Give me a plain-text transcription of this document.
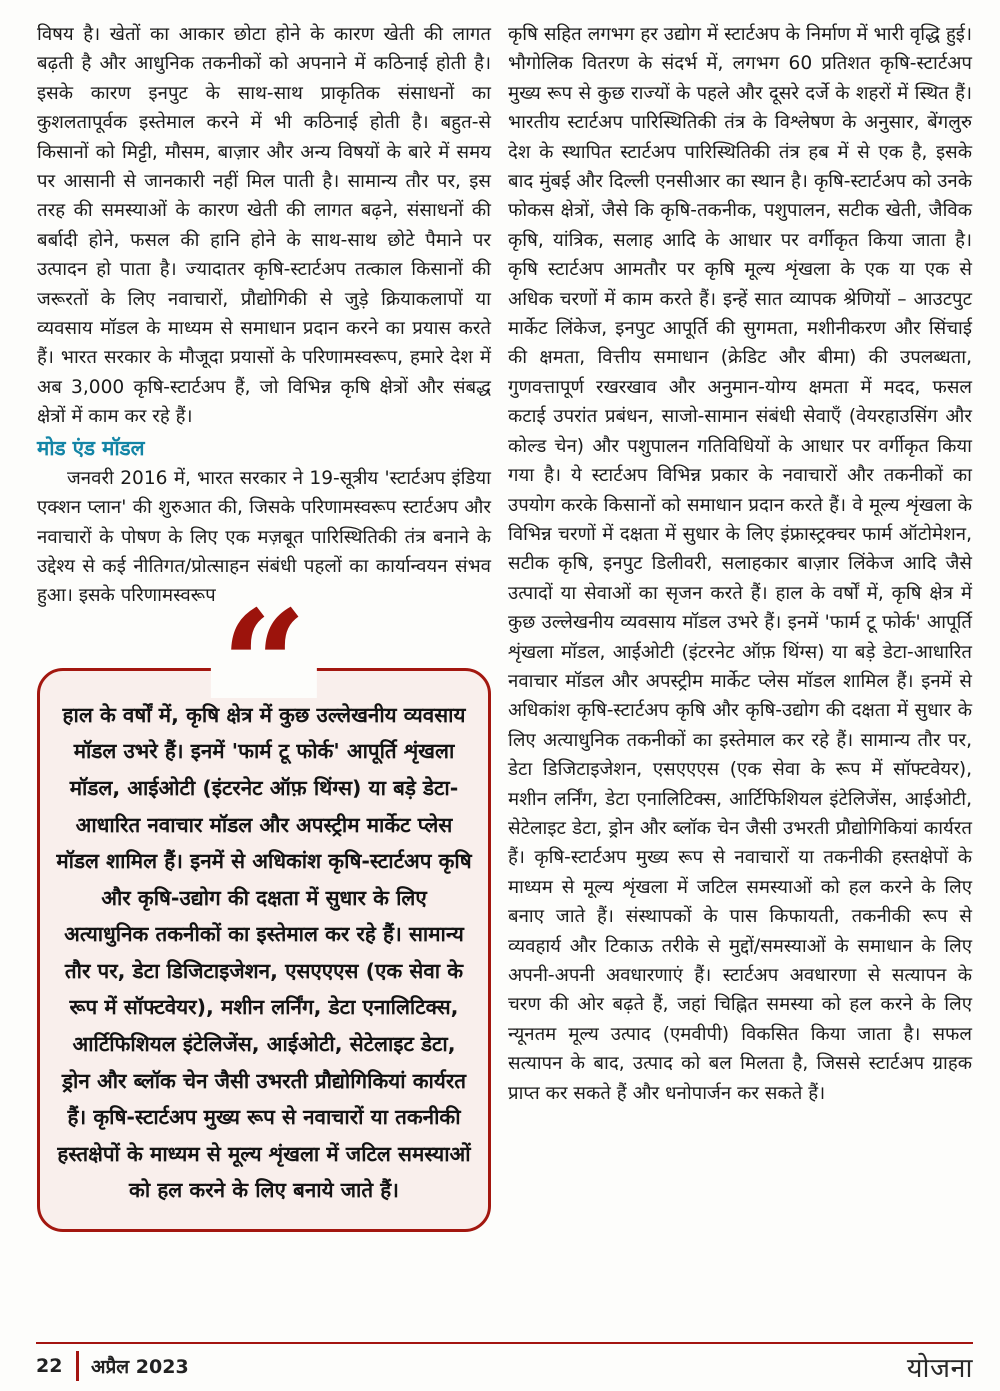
विषय है। खेतों का आकार छोटा होने के कारण खेती की लागत बढ़ती है और आधुनिक तकनीकों को अपनाने में कठिनाई होती है। इसके कारण इनपुट के साथ-साथ प्राकृतिक संसाधनों का कुशलतापूर्वक इस्तेमाल करने में भी कठिनाई होती है। बहुत-से किसानों को मिट्टी, मौसम, बाज़ार और अन्य विषयों के बारे में समय पर आसानी से जानकारी नहीं मिल पाती है। सामान्य तौर पर, इस तरह की समस्याओं के कारण खेती की लागत बढ़ने, संसाधनों की बर्बादी होने, फसल की हानि होने के साथ-साथ छोटे पैमाने पर उत्पादन हो पाता है। ज्यादातर कृषि-स्टार्टअप तत्काल किसानों की जरूरतों के लिए नवाचारों, प्रौद्योगिकी से जुड़े क्रियाकलापों या व्यवसाय मॉडल के माध्यम से समाधान प्रदान करने का प्रयास करते हैं। भारत सरकार के मौजूदा प्रयासों के परिणामस्वरूप, हमारे देश में अब 3,000 कृषि-स्टार्टअप हैं, जो विभिन्न कृषि क्षेत्रों और संबद्ध क्षेत्रों में काम कर रहे हैं।

मोड एंड मॉडल

जनवरी 2016 में, भारत सरकार ने 19-सूत्रीय 'स्टार्टअप इंडिया एक्शन प्लान' की शुरुआत की, जिसके परिणामस्वरूप स्टार्टअप और नवाचारों के पोषण के लिए एक मज़बूत पारिस्थितिकी तंत्र बनाने के उद्देश्य से कई नीतिगत/प्रोत्साहन संबंधी पहलों का कार्यान्वयन संभव हुआ। इसके परिणामस्वरूप “
हाल के वर्षों में, कृषि क्षेत्र में कुछ उल्लेखनीय व्यवसाय मॉडल उभरे हैं। इनमें 'फार्म टू फोर्क' आपूर्ति शृंखला मॉडल, आईओटी (इंटरनेट ऑफ़ थिंग्स) या बड़े डेटा-आधारित नवाचार मॉडल और अपस्ट्रीम मार्केट प्लेस मॉडल शामिल हैं। इनमें से अधिकांश कृषि-स्टार्टअप कृषि और कृषि-उद्योग की दक्षता में सुधार के लिए अत्याधुनिक तकनीकों का इस्तेमाल कर रहे हैं। सामान्य तौर पर, डेटा डिजिटाइजेशन, एसएएएस (एक सेवा के रूप में सॉफ्टवेयर), मशीन लर्निंग, डेटा एनालिटिक्स, आर्टिफिशियल इंटेलिजेंस, आईओटी, सेटेलाइट डेटा, ड्रोन और ब्लॉक चेन जैसी उभरती प्रौद्योगिकियां कार्यरत हैं। कृषि-स्टार्टअप मुख्य रूप से नवाचारों या तकनीकी हस्तक्षेपों के माध्यम से मूल्य शृंखला में जटिल समस्याओं को हल करने के लिए बनाये जाते हैं।

कृषि सहित लगभग हर उद्योग में स्टार्टअप के निर्माण में भारी वृद्धि हुई। भौगोलिक वितरण के संदर्भ में, लगभग 60 प्रतिशत कृषि-स्टार्टअप मुख्य रूप से कुछ राज्यों के पहले और दूसरे दर्जे के शहरों में स्थित हैं। भारतीय स्टार्टअप पारिस्थितिकी तंत्र के विश्लेषण के अनुसार, बेंगलुरु देश के स्थापित स्टार्टअप पारिस्थितिकी तंत्र हब में से एक है, इसके बाद मुंबई और दिल्ली एनसीआर का स्थान है। कृषि-स्टार्टअप को उनके फोकस क्षेत्रों, जैसे कि कृषि-तकनीक, पशुपालन, सटीक खेती, जैविक कृषि, यांत्रिक, सलाह आदि के आधार पर वर्गीकृत किया जाता है। कृषि स्टार्टअप आमतौर पर कृषि मूल्य शृंखला के एक या एक से अधिक चरणों में काम करते हैं। इन्हें सात व्यापक श्रेणियों – आउटपुट मार्केट लिंकेज, इनपुट आपूर्ति की सुगमता, मशीनीकरण और सिंचाई की क्षमता, वित्तीय समाधान (क्रेडिट और बीमा) की उपलब्धता, गुणवत्तापूर्ण रखरखाव और अनुमान-योग्य क्षमता में मदद, फसल कटाई उपरांत प्रबंधन, साजो-सामान संबंधी सेवाएँ (वेयरहाउसिंग और कोल्ड चेन) और पशुपालन गतिविधियों के आधार पर वर्गीकृत किया गया है। ये स्टार्टअप विभिन्न प्रकार के नवाचारों और तकनीकों का उपयोग करके किसानों को समाधान प्रदान करते हैं। वे मूल्य शृंखला के विभिन्न चरणों में दक्षता में सुधार के लिए इंफ्रास्ट्रक्चर फार्म ऑटोमेशन, सटीक कृषि, इनपुट डिलीवरी, सलाहकार बाज़ार लिंकेज आदि जैसे उत्पादों या सेवाओं का सृजन करते हैं। हाल के वर्षों में, कृषि क्षेत्र में कुछ उल्लेखनीय व्यवसाय मॉडल उभरे हैं। इनमें 'फार्म टू फोर्क' आपूर्ति शृंखला मॉडल, आईओटी (इंटरनेट ऑफ़ थिंग्स) या बड़े डेटा-आधारित नवाचार मॉडल और अपस्ट्रीम मार्केट प्लेस मॉडल शामिल हैं। इनमें से अधिकांश कृषि-स्टार्टअप कृषि और कृषि-उद्योग की दक्षता में सुधार के लिए अत्याधुनिक तकनीकों का इस्तेमाल कर रहे हैं। सामान्य तौर पर, डेटा डिजिटाइजेशन, एसएएएस (एक सेवा के रूप में सॉफ्टवेयर), मशीन लर्निंग, डेटा एनालिटिक्स, आर्टिफिशियल इंटेलिजेंस, आईओटी, सेटेलाइट डेटा, ड्रोन और ब्लॉक चेन जैसी उभरती प्रौद्योगिकियां कार्यरत हैं। कृषि-स्टार्टअप मुख्य रूप से नवाचारों या तकनीकी हस्तक्षेपों के माध्यम से मूल्य शृंखला में जटिल समस्याओं को हल करने के लिए बनाए जाते हैं। संस्थापकों के पास किफायती, तकनीकी रूप से व्यवहार्य और टिकाऊ तरीके से मुद्दों/समस्याओं के समाधान के लिए अपनी-अपनी अवधारणाएं हैं। स्टार्टअप अवधारणा से सत्यापन के चरण की ओर बढ़ते हैं, जहां चिह्नित समस्या को हल करने के लिए न्यूनतम मूल्य उत्पाद (एमवीपी) विकसित किया जाता है। सफल सत्यापन के बाद, उत्पाद को बल मिलता है, जिससे स्टार्टअप ग्राहक प्राप्त कर सकते हैं और धनोपार्जन कर सकते हैं।

22 अप्रैल 2023	योजना
